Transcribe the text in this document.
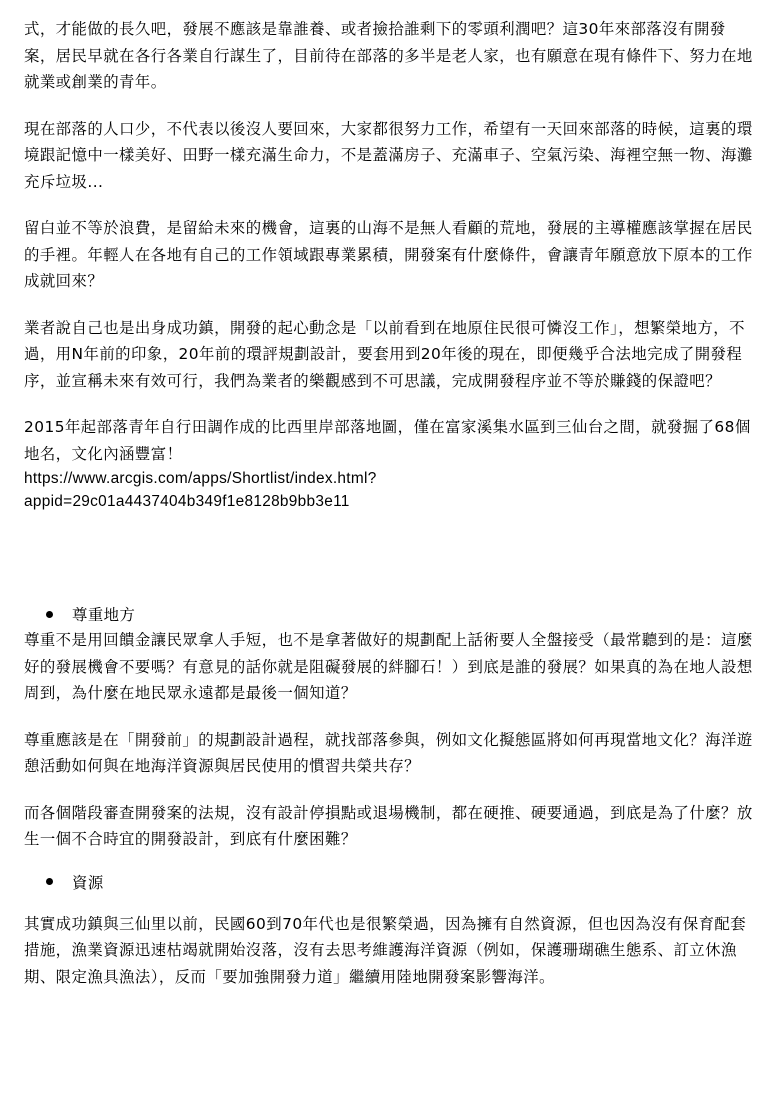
式，才能做的長久吧，發展不應該是靠誰養、或者撿拾誰剩下的零頭利潤吧？這30年來部落沒有開發案，居民早就在各行各業自行謀生了，目前待在部落的多半是老人家，也有願意在現有條件下、努力在地就業或創業的青年。

現在部落的人口少，不代表以後沒人要回來，大家都很努力工作，希望有一天回來部落的時候，這裏的環境跟記憶中一樣美好、田野一樣充滿生命力，不是蓋滿房子、充滿車子、空氣污染、海裡空無一物、海灘充斥垃圾...

留白並不等於浪費，是留給未來的機會，這裏的山海不是無人看顧的荒地，發展的主導權應該掌握在居民的手裡。年輕人在各地有自己的工作領域跟專業累積，開發案有什麼條件，會讓青年願意放下原本的工作成就回來？

業者說自己也是出身成功鎮，開發的起心動念是「以前看到在地原住民很可憐沒工作」，想繁榮地方，不過，用N年前的印象，20年前的環評規劃設計，要套用到20年後的現在，即便幾乎合法地完成了開發程序，並宣稱未來有效可行，我們為業者的樂觀感到不可思議，完成開發程序並不等於賺錢的保證吧？

2015年起部落青年自行田調作成的比西里岸部落地圖，僅在富家溪集水區到三仙台之間，就發掘了68個地名，文化內涵豐富！

https://www.arcgis.com/apps/Shortlist/index.html?

appid=29c01a4437404b349f1e8128b9bb3e11

尊重地方

尊重不是用回饋金讓民眾拿人手短，也不是拿著做好的規劃配上話術要人全盤接受（最常聽到的是：這麼好的發展機會不要嗎？有意見的話你就是阻礙發展的絆腳石！）到底是誰的發展？如果真的為在地人設想周到，為什麼在地民眾永遠都是最後一個知道？

尊重應該是在「開發前」的規劃設計過程，就找部落參與，例如文化擬態區將如何再現當地文化？海洋遊憩活動如何與在地海洋資源與居民使用的慣習共榮共存？

而各個階段審查開發案的法規，沒有設計停損點或退場機制，都在硬推、硬要通過，到底是為了什麼？放生一個不合時宜的開發設計，到底有什麼困難？

資源

其實成功鎮與三仙里以前，民國60到70年代也是很繁榮過，因為擁有自然資源，但也因為沒有保育配套措施，漁業資源迅速枯竭就開始沒落，沒有去思考維護海洋資源（例如，保護珊瑚礁生態系、訂立休漁期、限定漁具漁法），反而「要加強開發力道」繼續用陸地開發案影響海洋。
